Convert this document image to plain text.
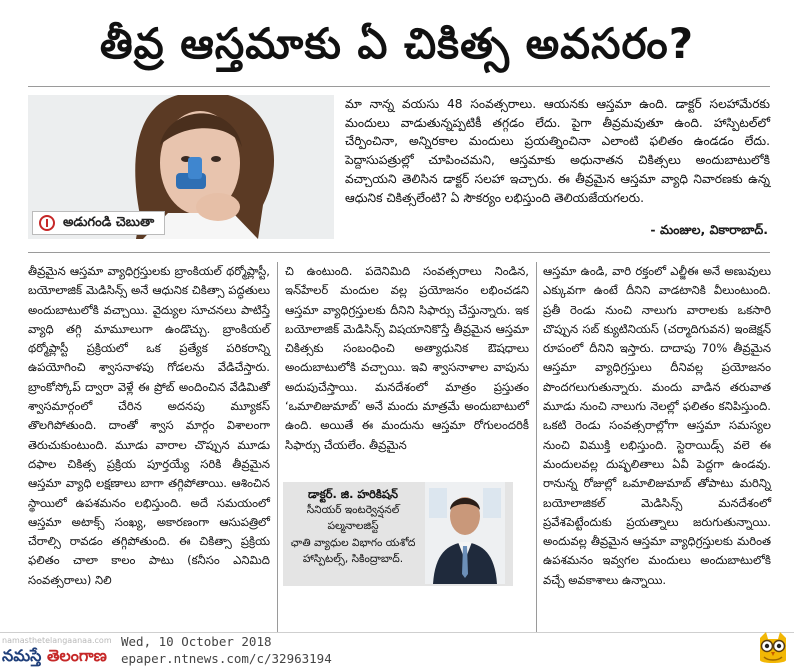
తీవ్ర ఆస్తమాకు ఏ చికిత్స అవసరం?
అడుగండి చెబుతా

మా నాన్న వయసు 48 సంవత్సరాలు. ఆయనకు ఆస్తమా ఉంది. డాక్టర్ సలహామేరకు మందులు వాడుతున్నప్పటికీ తగ్గడం లేదు. పైగా తీవ్రమవుతూ ఉంది. హాస్పిటల్‌లో చేర్పించినా, అన్నిరకాల మందులు ప్రయత్నించినా ఎలాంటి ఫలితం ఉండడం లేదు. పెద్దాసుపత్రుల్లో చూపించమని, ఆస్తమాకు అధునాతన చికిత్సలు అందుబాటులోకి వచ్చాయని తెలిసిన డాక్టర్ సలహా ఇచ్చారు. ఈ తీవ్రమైన ఆస్తమా వ్యాధి నివారణకు ఉన్న ఆధునిక చికిత్సలేంటి? ఏ సౌకర్యం లభిస్తుంది తెలియజేయగలరు.

- మంజుల, వికారాబాద్.

తీవ్రమైన ఆస్తమా వ్యాధిగ్రస్తులకు బ్రాంకియల్ థర్మోప్లాస్టీ, బయోలాజిక్ మెడిసిన్స్ అనే ఆధునిక చికిత్సా పద్ధతులు అందుబాటులోకి వచ్చాయి. వైద్యుల సూచనలు పాటిస్తే వ్యాధి తగ్గి మామూలుగా ఉండొచ్చు. బ్రాంకియల్ థర్మోప్లాస్టీ ప్రక్రియలో ఒక ప్రత్యేక పరికరాన్ని ఉపయోగించి శ్వాసనాళపు గోడలను వేడిచేస్తారు. బ్రాంకోస్కోప్ ద్వారా వెళ్లే ఈ ప్రోబ్ అందించిన వేడిమితో శ్వాసమార్గంలో చేరిన అదనపు మ్యూకస్ తొలగిపోతుంది. దాంతో శ్వాస మార్గం విశాలంగా తెరుచుకుంటుంది. మూడు వారాల చొప్పున మూడు దఫాల చికిత్స ప్రక్రియ పూర్తయ్యే సరికి తీవ్రమైన ఆస్తమా వ్యాధి లక్షణాలు బాగా తగ్గిపోతాయి. ఆశించిన స్థాయిలో ఉపశమనం లభిస్తుంది. అదే సమయంలో ఆస్తమా అటాక్స్ సంఖ్య, అకారణంగా ఆసుపత్రిలో చేరాల్సి రావడం తగ్గిపోతుంది. ఈ చికిత్సా ప్రక్రియ ఫలితం చాలా కాలం పాటు (కనీసం ఎనిమిది సంవత్సరాలు) నిలి

చి ఉంటుంది. పదెనిమిది సంవత్సరాలు నిండిన, ఇన్‌హేలర్ మందుల వల్ల ప్రయోజనం లభించడని ఆస్తమా వ్యాధిగ్రస్తులకు దీనిని సిఫార్సు చేస్తున్నారు. ఇక బయోలాజిక్ మెడిసిన్స్ విషయానికొస్తే తీవ్రమైన ఆస్తమా చికిత్సకు సంబంధించి అత్యాధునిక ఔషధాలు అందుబాటులోకి వచ్చాయి. ఇవి శ్వాసనాళాల వాపును అదుపుచేస్తాయి. మనదేశంలో మాత్రం ప్రస్తుతం ‘ఒమాలిజుమాబ్’ అనే మందు మాత్రమే అందుబాటులో ఉంది. అయితే ఈ మందును ఆస్తమా రోగులందరికీ సిఫార్సు చేయలేం. తీవ్రమైన

ఆస్తమా ఉండి, వారి రక్తంలో ఎల్జీఈ అనే అణువులు ఎక్కువగా ఉంటే దీనిని వాడటానికి వీలుంటుంది. ప్రతీ రెండు నుంచి నాలుగు వారాలకు ఒకసారి చొప్పున సబ్ క్యుటినియస్ (చర్మాదిగువన) ఇంజెక్షన్ రూపంలో దీనిని ఇస్తారు. దాదాపు 70% తీవ్రమైన ఆస్తమా వ్యాధిగ్రస్తులు దీనివల్ల ప్రయోజనం పొందగలుగుతున్నారు. మందు వాడిన తరువాత మూడు నుంచి నాలుగు నెలల్లో ఫలితం కనిపిస్తుంది. ఒకటి రెండు సంవత్సరాల్లోగా ఆస్తమా సమస్యల నుంచి విముక్తి లభిస్తుంది. స్టెరాయిడ్స్ వలె ఈ మందులవల్ల దుష్ఫలితాలు ఏవీ పెద్దగా ఉండవు. రానున్న రోజుల్లో ఒమాలిజుమాబ్ తోపాటు మరిన్ని బయోలాజికల్ మెడిసిన్స్ మనదేశంలో ప్రవేశపెట్టేందుకు ప్రయత్నాలు జరుగుతున్నాయి. అందువల్ల తీవ్రమైన ఆస్తమా వ్యాధిగ్రస్తులకు మరింత ఉపశమనం ఇవ్వగల మందులు అందుబాటులోకి వచ్చే అవకాశాలు ఉన్నాయి.

డాక్టర్. జి. హరికిషన్
సీనియర్ ఇంటర్వెన్షనల్ పల్మనాలజిస్ట్
ఛాతి వ్యాధుల విభాగం యశోద హాస్పిటల్స్, సికింద్రాబాద్.
namasthetelangaanaa.com Wed, 10 October 2018
epaper.ntnews.com/c/32963194
నమస్తే తెలంగాణ
